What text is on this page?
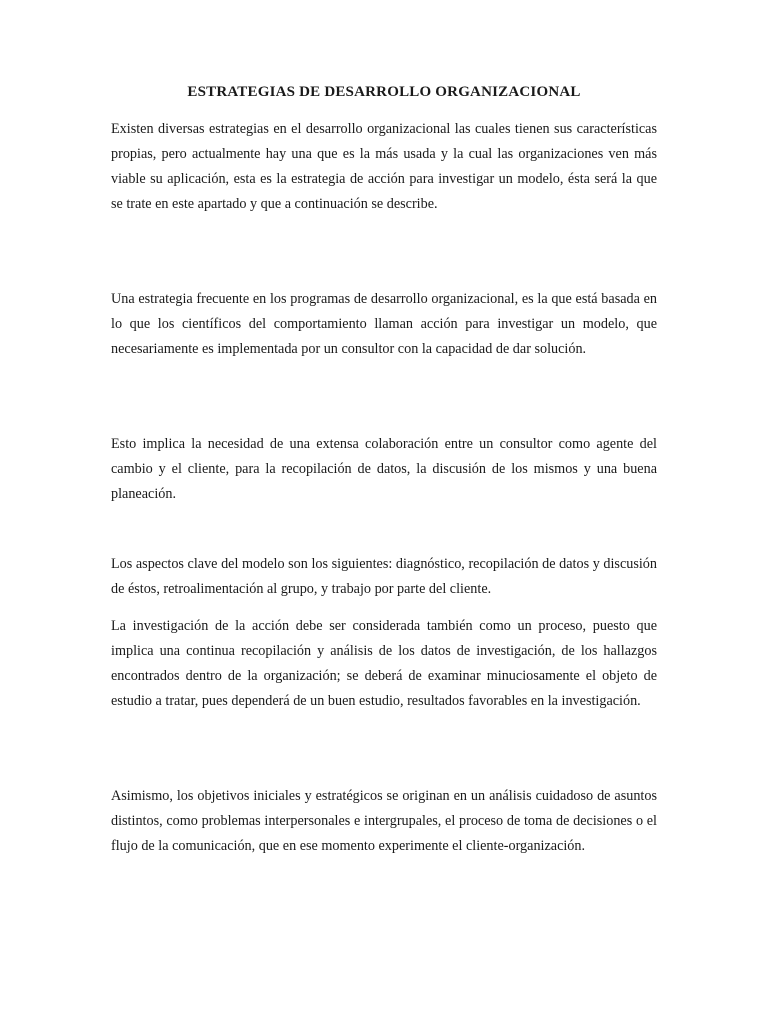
ESTRATEGIAS DE DESARROLLO ORGANIZACIONAL

Existen diversas estrategias en el desarrollo organizacional las cuales tienen sus características propias, pero actualmente hay una que es la más usada y la cual las organizaciones ven más viable su aplicación, esta es la estrategia de acción para investigar un modelo, ésta será la que se trate en este apartado y que a continuación se describe.

Una estrategia frecuente en los programas de desarrollo organizacional, es la que está basada en lo que los científicos del comportamiento llaman acción para investigar un modelo, que necesariamente es implementada por un consultor con la capacidad de dar solución.

Esto implica la necesidad de una extensa colaboración entre un consultor como agente del cambio y el cliente, para la recopilación de datos, la discusión de los mismos y una buena planeación.

Los aspectos clave del modelo son los siguientes: diagnóstico, recopilación de datos y discusión de éstos, retroalimentación al grupo, y trabajo por parte del cliente.

La investigación de la acción debe ser considerada también como un proceso, puesto que implica una continua recopilación y análisis de los datos de investigación, de los hallazgos encontrados dentro de la organización; se deberá de examinar minuciosamente el objeto de estudio a tratar, pues dependerá de un buen estudio, resultados favorables en la investigación.

Asimismo, los objetivos iniciales y estratégicos se originan en un análisis cuidadoso de asuntos distintos, como problemas interpersonales e intergrupales, el proceso de toma de decisiones o el flujo de la comunicación, que en ese momento experimente el cliente-organización.
